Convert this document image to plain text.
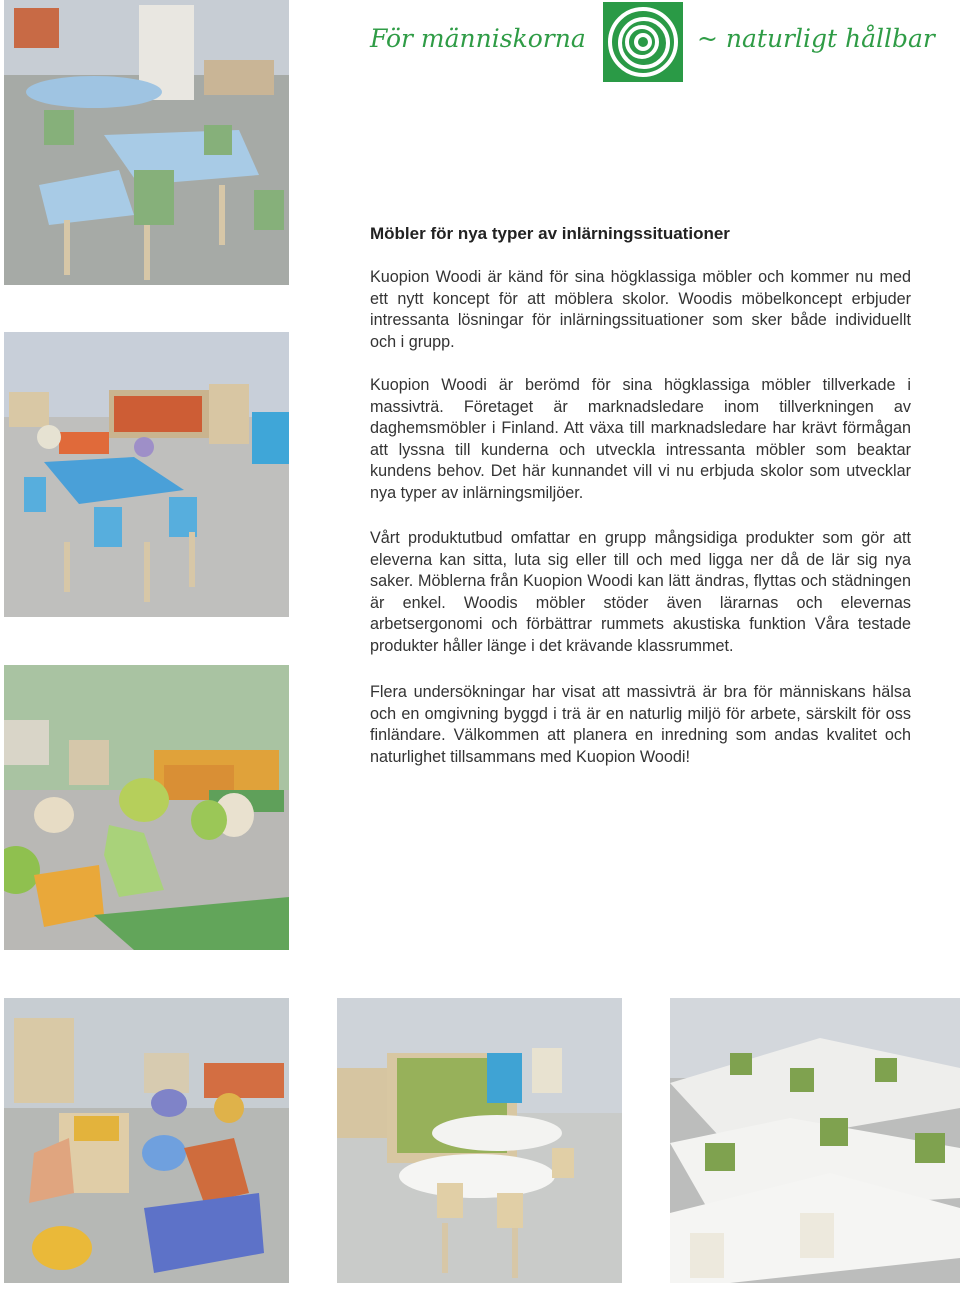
För människorna	~ naturligt hållbar
Möbler för nya typer av inlärningssituationer

Kuopion Woodi är känd för sina högklassiga möbler och kommer nu med ett nytt koncept för att möblera skolor. Woodis möbelkoncept erbjuder intressanta lösningar för inlärningssituationer som sker både individuellt och i grupp.

Kuopion Woodi är berömd för sina högklassiga möbler tillverkade i massivträ. Företaget är marknadsledare inom tillverkningen av daghemsmöbler i Finland. Att växa till marknadsledare har krävt förmågan att lyssna till kunderna och utveckla intressanta möbler som beaktar kundens behov. Det här kunnandet vill vi nu erbjuda skolor som utvecklar nya typer av inlärningsmiljöer.

Vårt produktutbud omfattar en grupp mångsidiga produkter som gör att eleverna kan sitta, luta sig eller till och med ligga ner då de lär sig nya saker. Möblerna från Kuopion Woodi kan lätt ändras, flyttas och städningen är enkel. Woodis möbler stöder även lärarnas och elevernas arbetsergonomi och förbättrar rummets akustiska funktion Våra testade produkter håller länge i det krävande klassrummet.

Flera undersökningar har visat att massivträ är bra för människans hälsa och en omgivning byggd i trä är en naturlig miljö för arbete, särskilt för oss finländare. Välkommen att planera en inredning som andas kvalitet och naturlighet tillsammans med Kuopion Woodi!
